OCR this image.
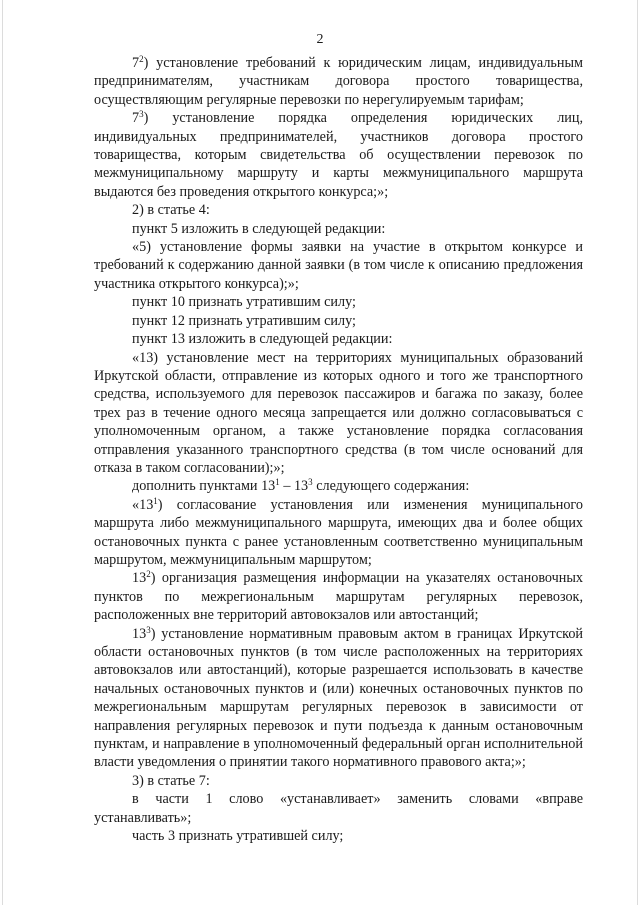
2

$7^2$) установление требований к юридическим лицам, индивидуальным предпринимателям, участникам договора простого товарищества, осуществляющим регулярные перевозки по нерегулируемым тарифам;

$7^3$) установление порядка определения юридических лиц, индивидуальных предпринимателей, участников договора простого товарищества, которым свидетельства об осуществлении перевозок по межмуниципальному маршруту и карты межмуниципального маршрута выдаются без проведения открытого конкурса;»;

2) в статье 4:

пункт 5 изложить в следующей редакции:

«5) установление формы заявки на участие в открытом конкурсе и требований к содержанию данной заявки (в том числе к описанию предложения участника открытого конкурса);»;

пункт 10 признать утратившим силу;

пункт 12 признать утратившим силу;

пункт 13 изложить в следующей редакции:

«13) установление мест на территориях муниципальных образований Иркутской области, отправление из которых одного и того же транспортного средства, используемого для перевозок пассажиров и багажа по заказу, более трех раз в течение одного месяца запрещается или должно согласовываться с уполномоченным органом, а также установление порядка согласования отправления указанного транспортного средства (в том числе оснований для отказа в таком согласовании);»;

дополнить пунктами $13^1 - 13^3$ следующего содержания:

«$13^1$) согласование установления или изменения муниципального маршрута либо межмуниципального маршрута, имеющих два и более общих остановочных пункта с ранее установленным соответственно муниципальным маршрутом, межмуниципальным маршрутом;

$13^2$) организация размещения информации на указателях остановочных пунктов по межрегиональным маршрутам регулярных перевозок, расположенных вне территорий автовокзалов или автостанций;

$13^3$) установление нормативным правовым актом в границах Иркутской области остановочных пунктов (в том числе расположенных на территориях автовокзалов или автостанций), которые разрешается использовать в качестве начальных остановочных пунктов и (или) конечных остановочных пунктов по межрегиональным маршрутам регулярных перевозок в зависимости от направления регулярных перевозок и пути подъезда к данным остановочным пунктам, и направление в уполномоченный федеральный орган исполнительной власти уведомления о принятии такого нормативного правового акта;»;

3) в статье 7:

в части 1 слово «устанавливает» заменить словами «вправе устанавливать»;

часть 3 признать утратившей силу;
